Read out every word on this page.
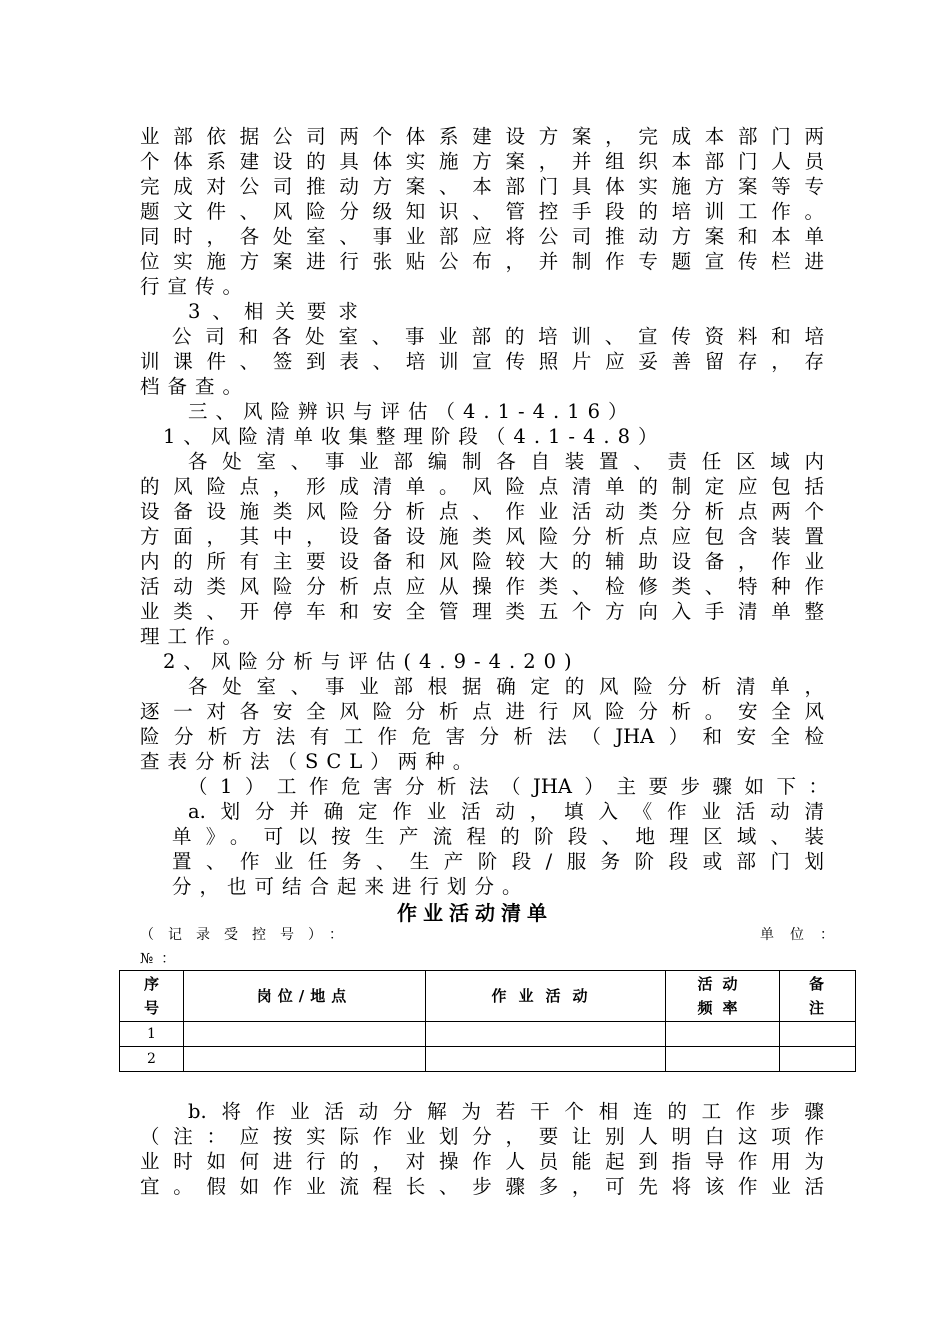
业部依据公司两个体系建设方案，完成本部门两
个体系建设的具体实施方案，并组织本部门人员
完成对公司推动方案、本部门具体实施方案等专
题文件、风险分级知识、管控手段的培训工作。
同时，各处室、事业部应将公司推动方案和本单
位实施方案进行张贴公布，并制作专题宣传栏进
行宣传。
3、相关要求
公司和各处室、事业部的培训、宣传资料和培
训课件、签到表、培训宣传照片应妥善留存，存
档备查。
三、风险辨识与评估（4.1-4.16）
1、风险清单收集整理阶段（4.1-4.8）
各处室、事业部编制各自装置、责任区域内
的风险点，形成清单。风险点清单的制定应包括
设备设施类风险分析点、作业活动类分析点两个
方面，其中，设备设施类风险分析点应包含装置
内的所有主要设备和风险较大的辅助设备，作业
活动类风险分析点应从操作类、检修类、特种作
业类、开停车和安全管理类五个方向入手清单整
理工作。
2、风险分析与评估(4.9-4.20)
各处室、事业部根据确定的风险分析清单，
逐一对各安全风险分析点进行风险分析。安全风
险分析方法有工作危害分析法（JHA）和安全检
查表分析法（SCL）两种。
（1）工作危害分析法（JHA）主要步骤如下：
a.划分并确定作业活动，填入《作业活动清
单》。可以按生产流程的阶段、地理区域、装
置、作业任务、生产阶段/服务阶段或部门划
分，也可结合起来进行划分。
作业活动清单
（记录受控号）：	单位：
№：
序号	岗位/地点	作业活动	活动频率	备注
1				
2				
b.将作业活动分解为若干个相连的工作步骤
（注：应按实际作业划分，要让别人明白这项作
业时如何进行的，对操作人员能起到指导作用为
宜。假如作业流程长、步骤多，可先将该作业活
